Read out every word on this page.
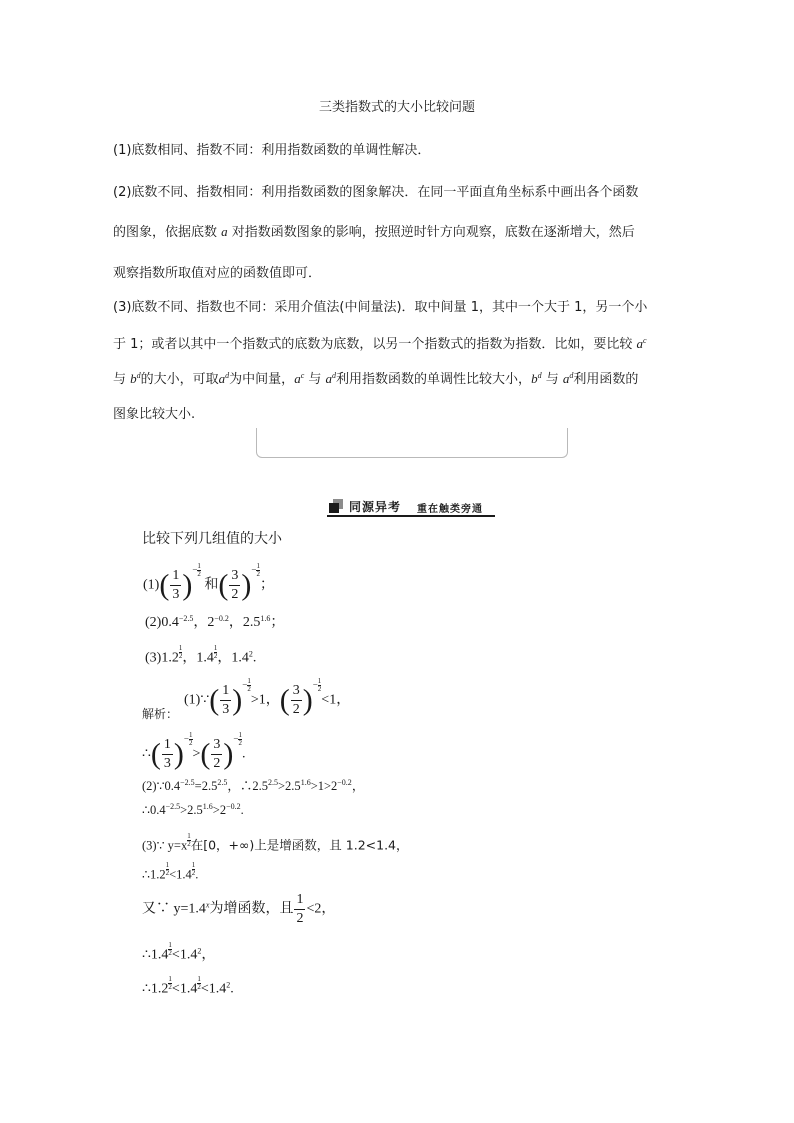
三类指数式的大小比较问题
(1)底数相同、指数不同：利用指数函数的单调性解决．
(2)底数不同、指数相同：利用指数函数的图象解决．在同一平面直角坐标系中画出各个函数
的图象，依据底数 a 对指数函数图象的影响，按照逆时针方向观察，底数在逐渐增大，然后
观察指数所取值对应的函数值即可．
(3)底数不同、指数也不同：采用介值法(中间量法)．取中间量 1，其中一个大于 1，另一个小
于 1；或者以其中一个指数式的底数为底数，以另一个指数式的指数为指数．比如，要比较 $a^c$
与 $b^d$的大小，可取$a^d$为中间量，$a^c$ 与 $a^d$利用指数函数的单调性比较大小，$b^d$ 与 $a^d$利用函数的
图象比较大小.
同源异考 重在触类旁通
比较下列几组值的大小
$(1)( \frac{1}{3}$ )− $\frac{1}{2}$
和( $\frac{3}{2}$ )− $\frac{1}{2}$
；
$(2)0.4^{-2.5}$，$2^{-0.2}$，$2.5^{1.6}$；
(3)1.2 $^{\frac{1}{2}}$ ，1.4 $^{\frac{1}{2}}$ ，$1.4^2$.
解析：
(1)∵( $\frac{1}{3}$ )− $\frac{1}{2}$
>1，( $\frac{3}{2}$ )− $\frac{1}{2}$
<1，
∴( $\frac{1}{3}$ )− $\frac{1}{2}$
>( $\frac{3}{2}$ )− $\frac{1}{2}$
.
$(2)\because 0.4^{-2.5}=2.5^{2.5}$，$\therefore 2.5^{2.5}>2.5^{1.6}>1>2^{-0.2}$，
$\therefore 0.4^{-2.5}>2.5^{1.6}>2^{-0.2}$.
(3)∵ y=x $^{\frac{1}{2}}$ 在[0，+∞)上是增函数，且 1.2<1.4，
∴1.2 $^{\frac{1}{2}}$ <1.4 $^{\frac{1}{2}}$ .
又∵ $y=1.4^x$为增函数，且 $\frac{1}{2} <2$，
∴1.4 $^{\frac{1}{2}} <1.4^2$，
∴1.2 $^{\frac{1}{2}}$ <1.4 $^{\frac{1}{2}} <1.4^2$.
